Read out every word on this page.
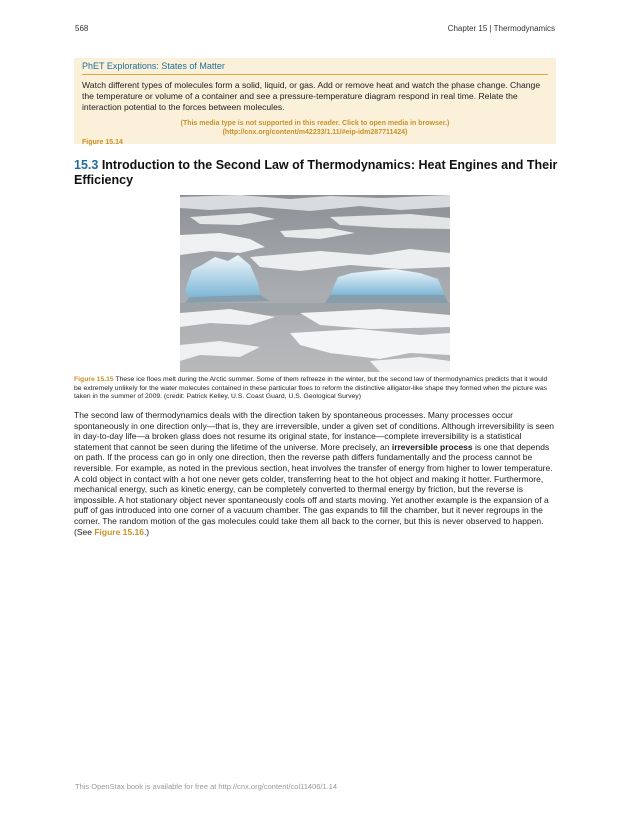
568	Chapter 15 | Thermodynamics
PhET Explorations: States of Matter
Watch different types of molecules form a solid, liquid, or gas. Add or remove heat and watch the phase change. Change the temperature or volume of a container and see a pressure-temperature diagram respond in real time. Relate the interaction potential to the forces between molecules.
(This media type is not supported in this reader. Click to open media in browser.) (http://cnx.org/content/m42233/1.11/#eip-idm287711424)
Figure 15.14
15.3 Introduction to the Second Law of Thermodynamics: Heat Engines and Their Efficiency
Figure 15.15 These ice floes melt during the Arctic summer. Some of them refreeze in the winter, but the second law of thermodynamics predicts that it would be extremely unlikely for the water molecules contained in these particular floes to reform the distinctive alligator-like shape they formed when the picture was taken in the summer of 2009. (credit: Patrick Kelley, U.S. Coast Guard, U.S. Geological Survey)
The second law of thermodynamics deals with the direction taken by spontaneous processes. Many processes occur spontaneously in one direction only—that is, they are irreversible, under a given set of conditions. Although irreversibility is seen in day-to-day life—a broken glass does not resume its original state, for instance—complete irreversibility is a statistical statement that cannot be seen during the lifetime of the universe. More precisely, an irreversible process is one that depends on path. If the process can go in only one direction, then the reverse path differs fundamentally and the process cannot be reversible. For example, as noted in the previous section, heat involves the transfer of energy from higher to lower temperature. A cold object in contact with a hot one never gets colder, transferring heat to the hot object and making it hotter. Furthermore, mechanical energy, such as kinetic energy, can be completely converted to thermal energy by friction, but the reverse is impossible. A hot stationary object never spontaneously cools off and starts moving. Yet another example is the expansion of a puff of gas introduced into one corner of a vacuum chamber. The gas expands to fill the chamber, but it never regroups in the corner. The random motion of the gas molecules could take them all back to the corner, but this is never observed to happen. (See Figure 15.16.)
This OpenStax book is available for free at http://cnx.org/content/col11406/1.14
